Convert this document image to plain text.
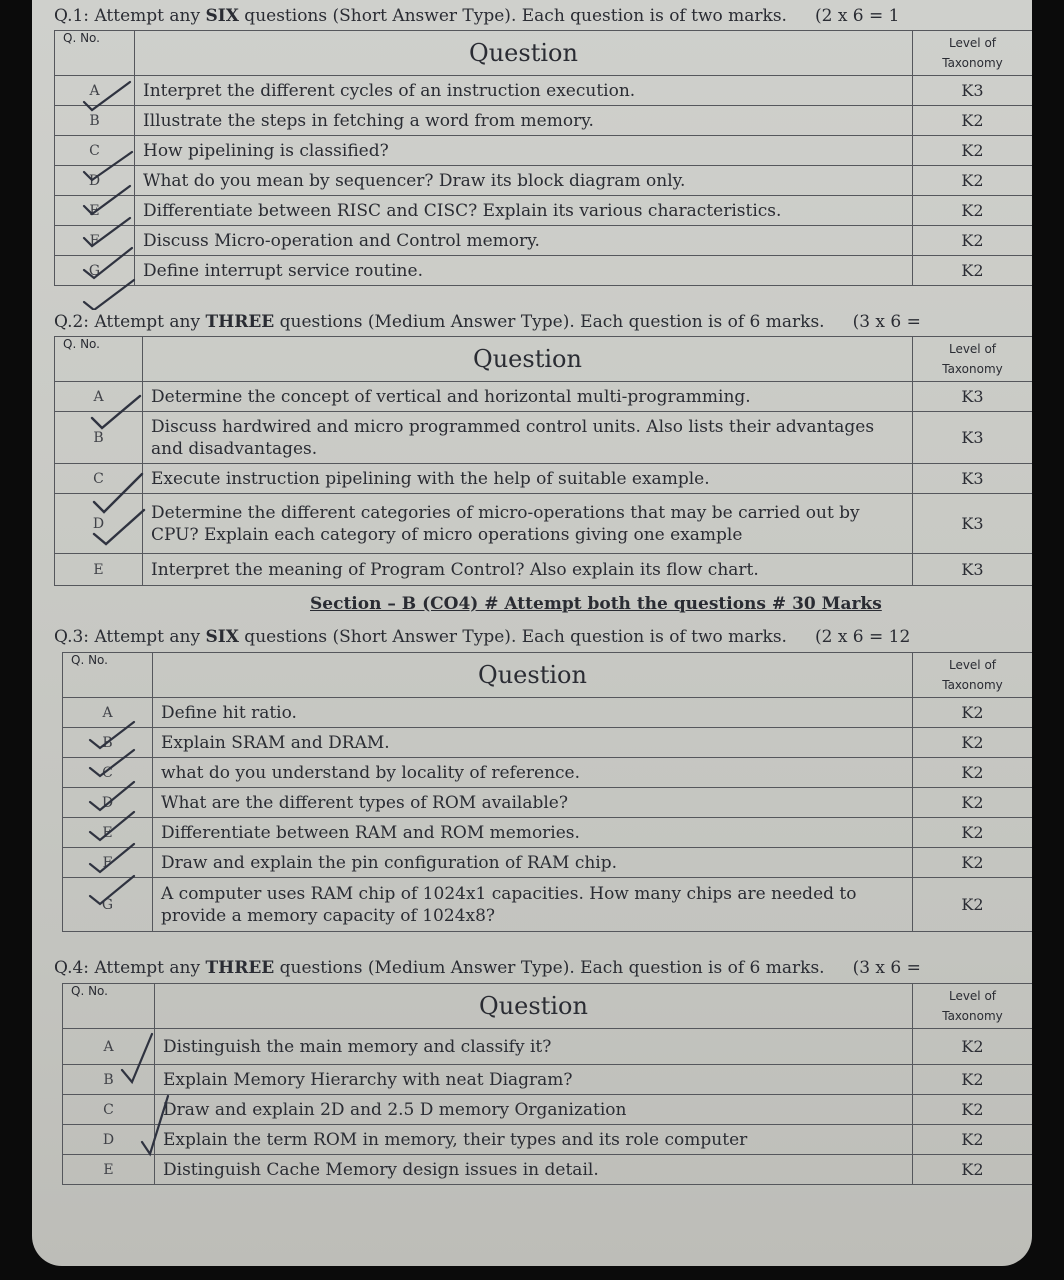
Q.1: Attempt any SIX questions (Short Answer Type). Each question is of two marks. (2 x 6 = 1
Q. No.	Question	Level of Taxonomy
A	Interpret the different cycles of an instruction execution.	K3
B	Illustrate the steps in fetching a word from memory.	K2
C	How pipelining is classified?	K2
D	What do you mean by sequencer? Draw its block diagram only.	K2
E	Differentiate between RISC and CISC? Explain its various characteristics.	K2
F	Discuss Micro-operation and Control memory.	K2
G	Define interrupt service routine.	K2
Q.2: Attempt any THREE questions (Medium Answer Type). Each question is of 6 marks. (3 x 6 =
Q. No.	Question	Level of Taxonomy
A	Determine the concept of vertical and horizontal multi-programming.	K3
B	Discuss hardwired and micro programmed control units. Also lists their advantages and disadvantages.	K3
C	Execute instruction pipelining with the help of suitable example.	K3
D	Determine the different categories of micro-operations that may be carried out by CPU? Explain each category of micro operations giving one example	K3
E	Interpret the meaning of Program Control? Also explain its flow chart.	K3
Section – B (CO4) # Attempt both the questions # 30 Marks
Q.3: Attempt any SIX questions (Short Answer Type). Each question is of two marks. (2 x 6 = 12
Q. No.	Question	Level of Taxonomy
A	Define hit ratio.	K2
B	Explain SRAM and DRAM.	K2
C	what do you understand by locality of reference.	K2
D	What are the different types of ROM available?	K2
E	Differentiate between RAM and ROM memories.	K2
F	Draw and explain the pin configuration of RAM chip.	K2
G	A computer uses RAM chip of 1024x1 capacities. How many chips are needed to provide a memory capacity of 1024x8?	K2
Q.4: Attempt any THREE questions (Medium Answer Type). Each question is of 6 marks. (3 x 6 =
Q. No.	Question	Level of Taxonomy
A	Distinguish the main memory and classify it?	K2
B	Explain Memory Hierarchy with neat Diagram?	K2
C	Draw and explain 2D and 2.5 D memory Organization	K2
D	Explain the term ROM in memory, their types and its role computer	K2
E	Distinguish Cache Memory design issues in detail.	K2
